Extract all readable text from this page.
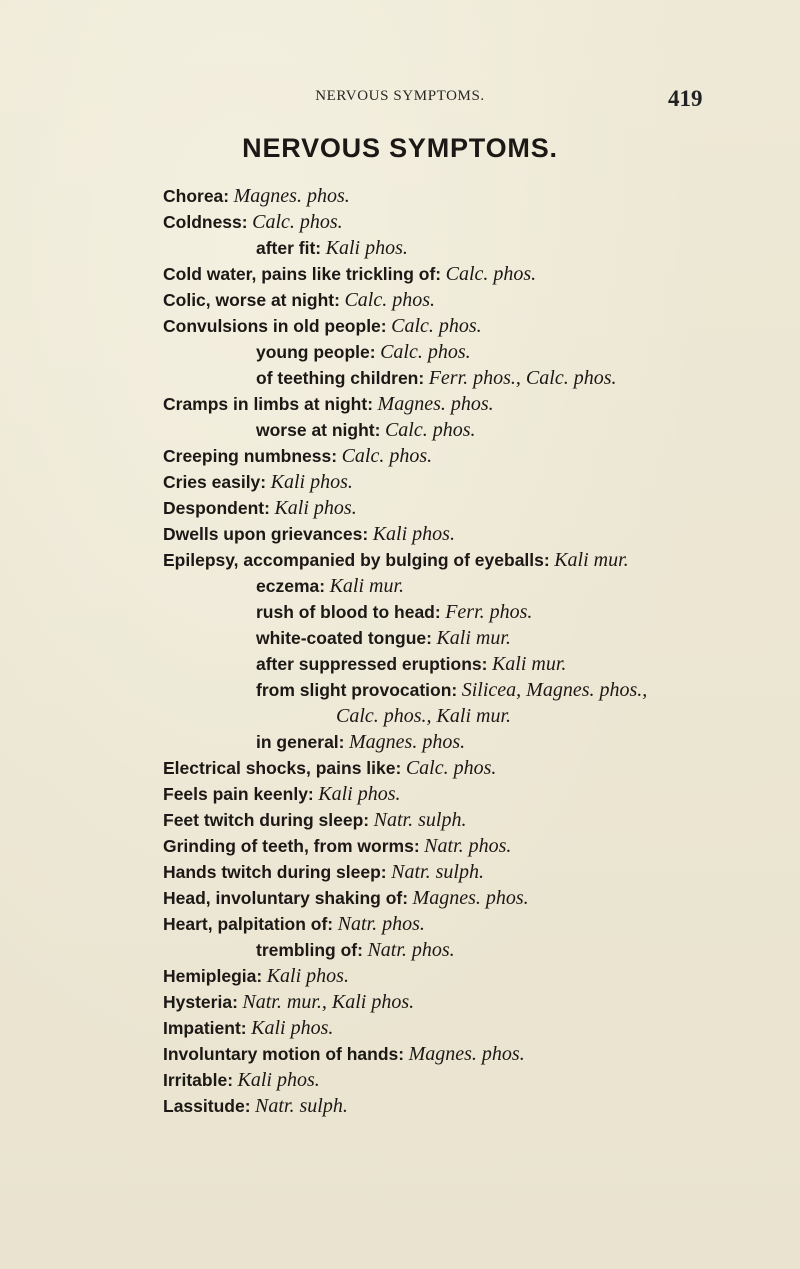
NERVOUS SYMPTOMS.	419
NERVOUS SYMPTOMS.
Chorea: Magnes. phos.
Coldness: Calc. phos.
after fit: Kali phos.
Cold water, pains like trickling of: Calc. phos.
Colic, worse at night: Calc. phos.
Convulsions in old people: Calc. phos.
young people: Calc. phos.
of teething children: Ferr. phos., Calc. phos.
Cramps in limbs at night: Magnes. phos.
worse at night: Calc. phos.
Creeping numbness: Calc. phos.
Cries easily: Kali phos.
Despondent: Kali phos.
Dwells upon grievances: Kali phos.
Epilepsy, accompanied by bulging of eyeballs: Kali mur.
eczema: Kali mur.
rush of blood to head: Ferr. phos.
white-coated tongue: Kali mur.
after suppressed eruptions: Kali mur.
from slight provocation: Silicea, Magnes. phos.,
Calc. phos., Kali mur.
in general: Magnes. phos.
Electrical shocks, pains like: Calc. phos.
Feels pain keenly: Kali phos.
Feet twitch during sleep: Natr. sulph.
Grinding of teeth, from worms: Natr. phos.
Hands twitch during sleep: Natr. sulph.
Head, involuntary shaking of: Magnes. phos.
Heart, palpitation of: Natr. phos.
trembling of: Natr. phos.
Hemiplegia: Kali phos.
Hysteria: Natr. mur., Kali phos.
Impatient: Kali phos.
Involuntary motion of hands: Magnes. phos.
Irritable: Kali phos.
Lassitude: Natr. sulph.
